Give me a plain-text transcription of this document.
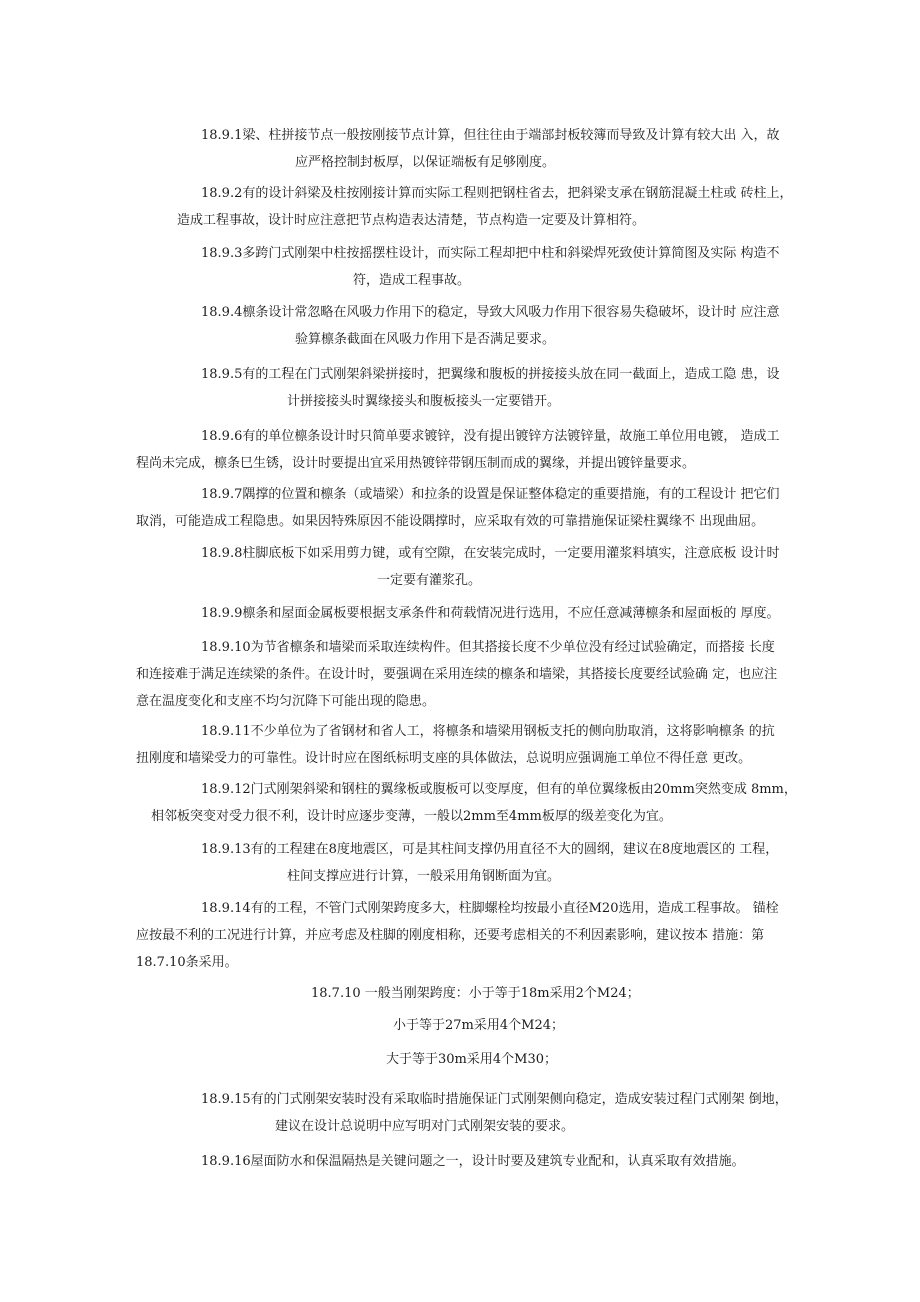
18.9.1梁、柱拼接节点一般按刚接节点计算，但往往由于端部封板较簿而导致及计算有较大出 入，故
应严格控制封板厚，以保证端板有足够刚度。
18.9.2有的设计斜梁及柱按刚接计算而实际工程则把钢柱省去，把斜梁支承在钢筋混凝土柱或 砖柱上，
造成工程事故，设计时应注意把节点构造表达清楚，节点构造一定要及计算相符。
18.9.3多跨门式刚架中柱按摇摆柱设计，而实际工程却把中柱和斜梁焊死致使计算简图及实际 构造不
符，造成工程事故。
18.9.4檩条设计常忽略在风吸力作用下的稳定，导致大风吸力作用下很容易失稳破坏，设计时 应注意
验算檩条截面在风吸力作用下是否满足要求。
18.9.5有的工程在门式刚架斜梁拼接时，把翼缘和腹板的拼接接头放在同一截面上，造成工隐 患，设
计拼接接头时翼缘接头和腹板接头一定要错开。
18.9.6有的单位檩条设计时只简单要求镀锌，没有提出镀锌方法镀锌量，故施工单位用电镀， 造成工
程尚未完成，檩条巳生锈，设计时要提出宜采用热镀锌带钢压制而成的翼缘，并提出镀锌量要求。
18.9.7隅撑的位置和檩条（或墙梁）和拉条的设置是保证整体稳定的重要措施，有的工程设计 把它们
取消，可能造成工程隐患。如果因特殊原因不能设隅撑时，应采取有效的可靠措施保证梁柱翼缘不 出现曲屈。
18.9.8柱脚底板下如采用剪力键，或有空隙，在安装完成时，一定要用灌浆料填实，注意底板 设计时
一定要有灌浆孔。
18.9.9檩条和屋面金属板要根据支承条件和荷载情况进行选用，不应任意减薄檩条和屋面板的 厚度。
18.9.10为节省檩条和墙梁而采取连续构件。但其搭接长度不少单位没有经过试验确定，而搭接 长度
和连接难于满足连续梁的条件。在设计时，要强调在采用连续的檩条和墙梁，其搭接长度要经试验确 定，也应注
意在温度变化和支座不均匀沉降下可能出现的隐患。
18.9.11不少单位为了省钢材和省人工，将檩条和墙梁用钢板支托的侧向肋取消，这将影响檩条 的抗
扭刚度和墙梁受力的可靠性。设计时应在图纸标明支座的具体做法，总说明应强调施工单位不得任意 更改。
18.9.12门式刚架斜梁和钢柱的翼缘板或腹板可以变厚度，但有的单位翼缘板由20mm突然变成 8mm，
相邻板突变对受力很不利，设计时应逐步变薄，一般以2mm至4mm板厚的级差变化为宜。
18.9.13有的工程建在8度地震区，可是其柱间支撑仍用直径不大的圆纲，建议在8度地震区的 工程，
柱间支撑应进行计算，一般采用角钢断面为宜。
18.9.14有的工程，不管门式刚架跨度多大，柱脚螺栓均按最小直径M20选用，造成工程事故。 锚栓
应按最不利的工况进行计算，并应考虑及柱脚的刚度相称，还要考虑相关的不利因素影响，建议按本 措施：第
18.7.10条采用。
18.7.10 一般当刚架跨度：小于等于18m采用2个M24；
小于等于27m采用4个M24；
大于等于30m采用4个M30；
18.9.15有的门式刚架安装时没有采取临时措施保证门式刚架侧向稳定，造成安装过程门式刚架 倒地，
建议在设计总说明中应写明对门式刚架安装的要求。
18.9.16屋面防水和保温隔热是关键问题之一，设计时要及建筑专业配和，认真采取有效措施。
